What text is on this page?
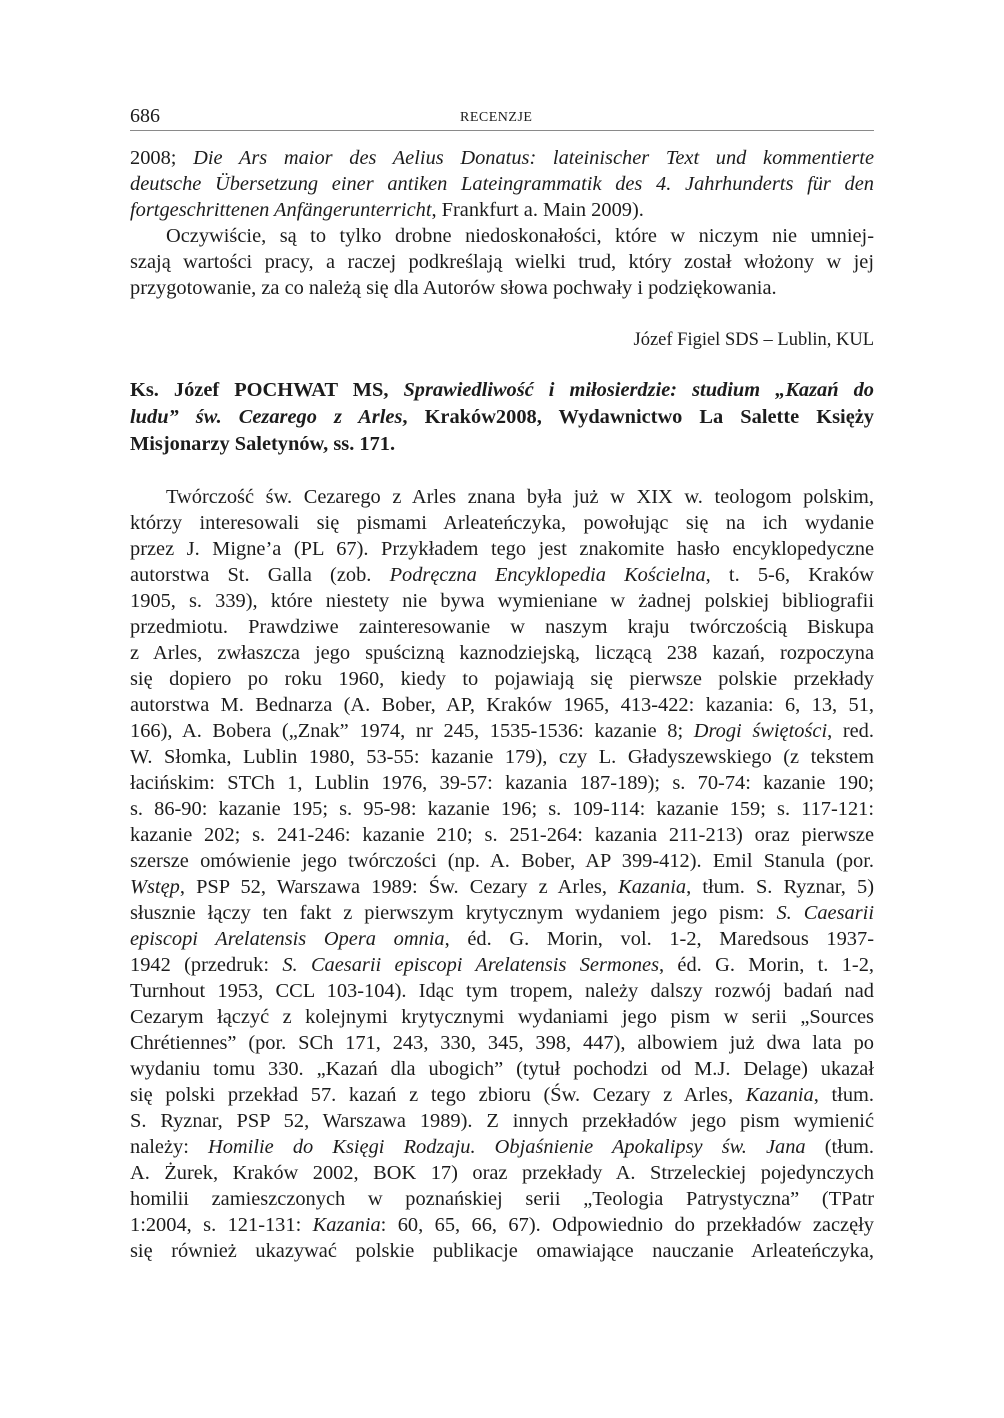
686	RECENZJE
2008; Die Ars maior des Aelius Donatus: lateinischer Text und kommentierte
deutsche Übersetzung einer antiken Lateingrammatik des 4. Jahrhunderts für den
fortgeschrittenen Anfängerunterricht, Frankfurt a. Main 2009).
Oczywiście, są to tylko drobne niedoskonałości, które w niczym nie umniej-
szają wartości pracy, a raczej podkreślają wielki trud, który został włożony w jej
przygotowanie, za co należą się dla Autorów słowa pochwały i podziękowania.
Ks. Józef POCHWAT MS, Sprawiedliwość i miłosierdzie: studium „Kazań do
ludu” św. Cezarego z Arles, Kraków2008, Wydawnictwo La Salette Księży
Misjonarzy Saletynów, ss. 171.
Twórczość św. Cezarego z Arles znana była już w XIX w. teologom polskim,
którzy interesowali się pismami Arleateńczyka, powołując się na ich wydanie
przez J. Migne’a (PL 67). Przykładem tego jest znakomite hasło encyklopedyczne
autorstwa St. Galla (zob. Podręczna Encyklopedia Kościelna, t. 5-6, Kraków
1905, s. 339), które niestety nie bywa wymieniane w żadnej polskiej bibliografii
przedmiotu. Prawdziwe zainteresowanie w naszym kraju twórczością Biskupa
z Arles, zwłaszcza jego spuścizną kaznodziejską, liczącą 238 kazań, rozpoczyna
się dopiero po roku 1960, kiedy to pojawiają się pierwsze polskie przekłady
autorstwa M. Bednarza (A. Bober, AP, Kraków 1965, 413-422: kazania: 6, 13, 51,
166), A. Bobera („Znak” 1974, nr 245, 1535-1536: kazanie 8; Drogi świętości, red.
W. Słomka, Lublin 1980, 53-55: kazanie 179), czy L. Gładyszewskiego (z tekstem
łacińskim: STCh 1, Lublin 1976, 39-57: kazania 187-189); s. 70-74: kazanie 190;
s. 86-90: kazanie 195; s. 95-98: kazanie 196; s. 109-114: kazanie 159; s. 117-121:
kazanie 202; s. 241-246: kazanie 210; s. 251-264: kazania 211-213) oraz pierwsze
szersze omówienie jego twórczości (np. A. Bober, AP 399-412). Emil Stanula (por.
Wstęp, PSP 52, Warszawa 1989: Św. Cezary z Arles, Kazania, tłum. S. Ryznar, 5)
słusznie łączy ten fakt z pierwszym krytycznym wydaniem jego pism: S. Caesarii
episcopi Arelatensis Opera omnia, éd. G. Morin, vol. 1-2, Maredsous 1937-
1942 (przedruk: S. Caesarii episcopi Arelatensis Sermones, éd. G. Morin, t. 1-2,
Turnhout 1953, CCL 103-104). Idąc tym tropem, należy dalszy rozwój badań nad
Cezarym łączyć z kolejnymi krytycznymi wydaniami jego pism w serii „Sources
Chrétiennes” (por. SCh 171, 243, 330, 345, 398, 447), albowiem już dwa lata po
wydaniu tomu 330. „Kazań dla ubogich” (tytuł pochodzi od M.J. Delage) ukazał
się polski przekład 57. kazań z tego zbioru (Św. Cezary z Arles, Kazania, tłum.
S. Ryznar, PSP 52, Warszawa 1989). Z innych przekładów jego pism wymienić
należy: Homilie do Księgi Rodzaju. Objaśnienie Apokalipsy św. Jana (tłum.
A. Żurek, Kraków 2002, BOK 17) oraz przekłady A. Strzeleckiej pojedynczych
homilii zamieszczonych w poznańskiej serii „Teologia Patrystyczna” (TPatr
1:2004, s. 121-131: Kazania: 60, 65, 66, 67). Odpowiednio do przekładów zaczęły
się również ukazywać polskie publikacje omawiające nauczanie Arleateńczyka,
Józef Figiel SDS – Lublin, KUL
